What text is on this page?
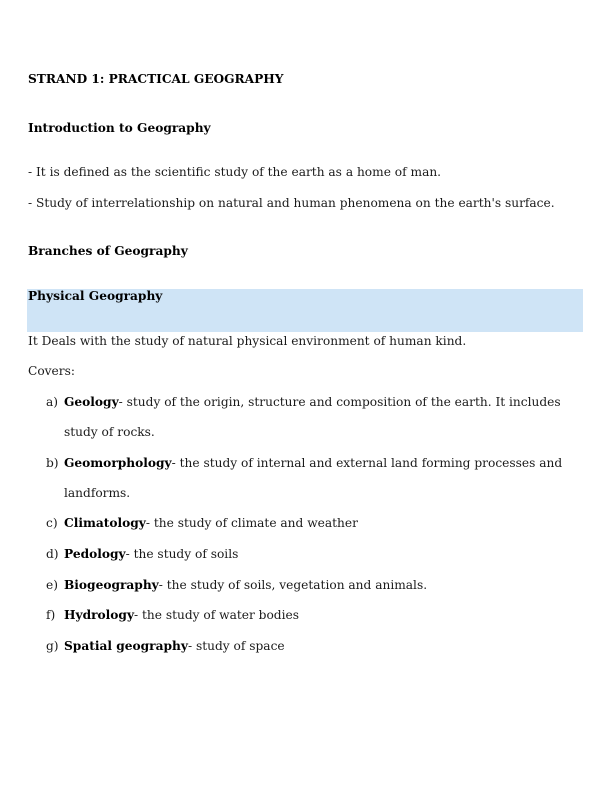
STRAND 1: PRACTICAL GEOGRAPHY
Introduction to Geography
- It is defined as the scientific study of the earth as a home of man.
- Study of interrelationship on natural and human phenomena on the earth's surface.
Branches of Geography
Physical Geography
It Deals with the study of natural physical environment of human kind.
Covers:
a) Geology- study of the origin, structure and composition of the earth. It includes
study of rocks.
b) Geomorphology- the study of internal and external land forming processes and
landforms.
c) Climatology- the study of climate and weather
d) Pedology- the study of soils
e) Biogeography- the study of soils, vegetation and animals.
f) Hydrology- the study of water bodies
g) Spatial geography- study of space
